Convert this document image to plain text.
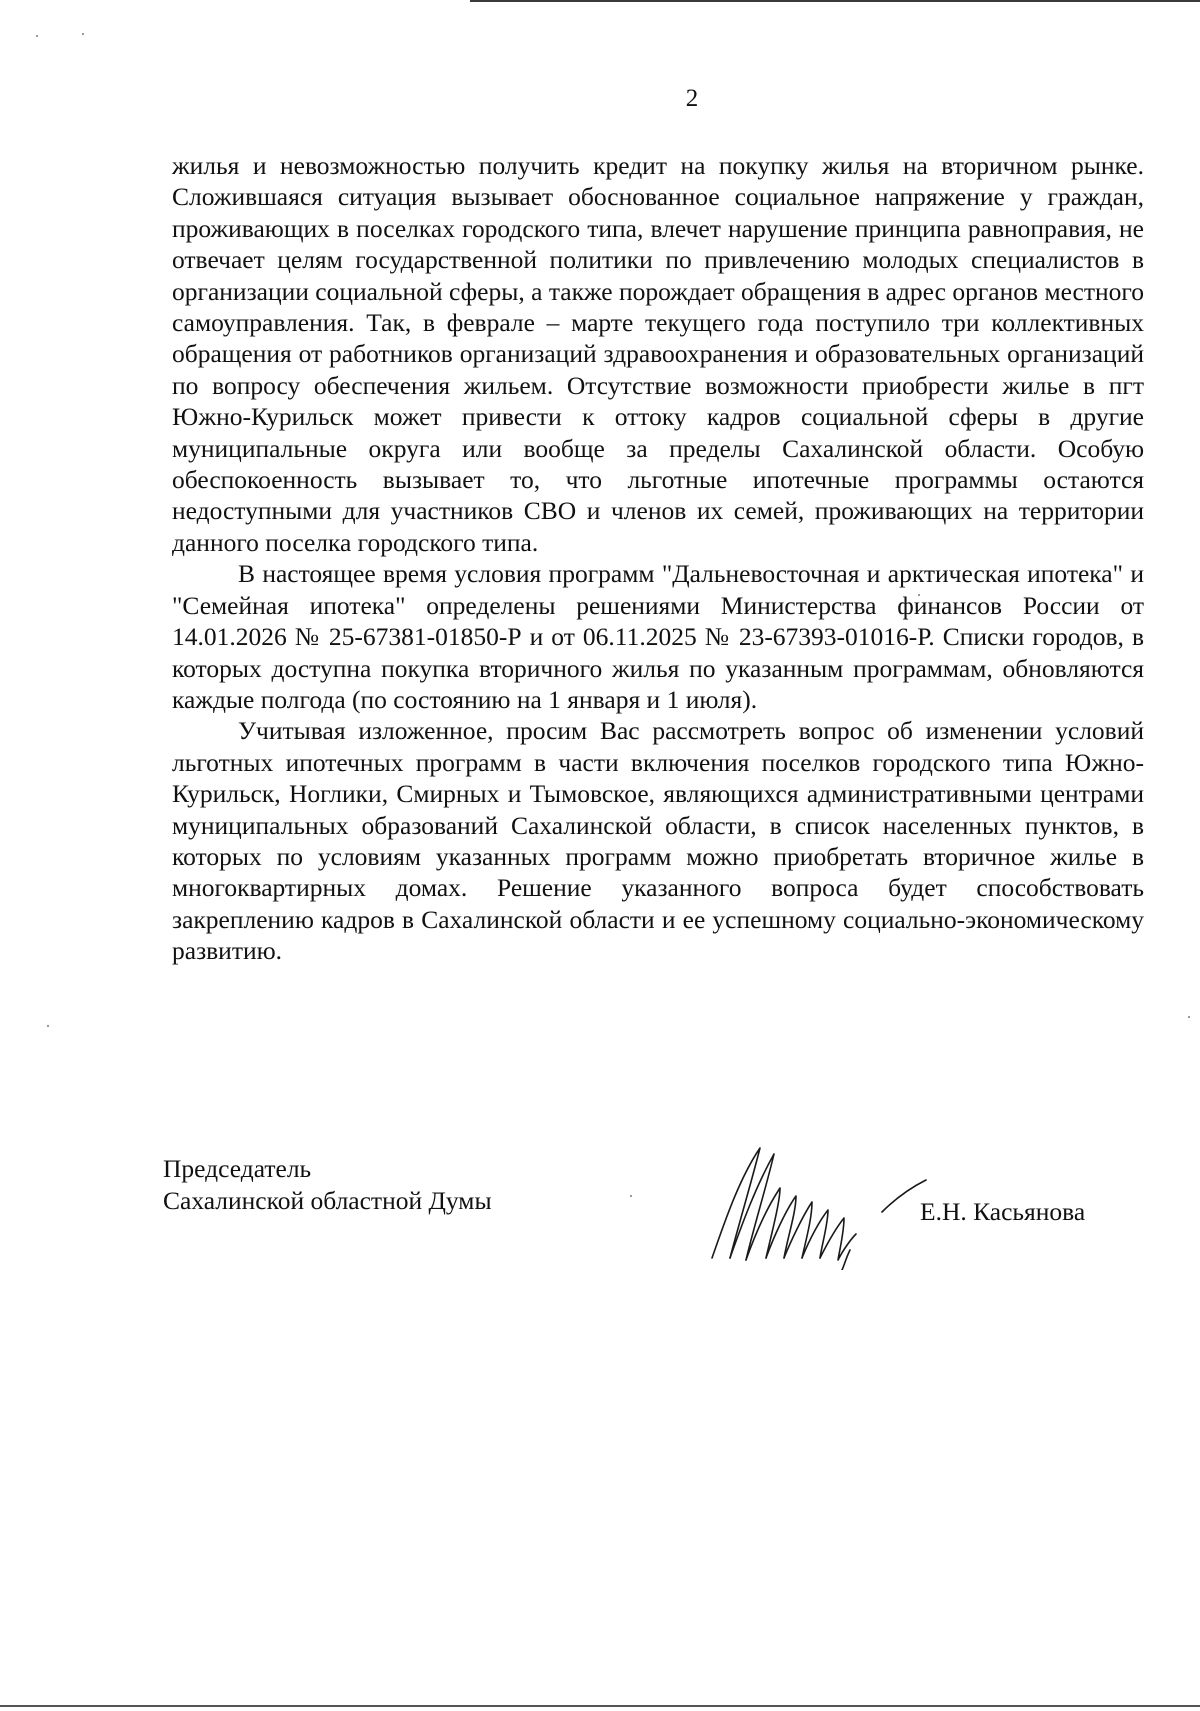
2

жилья и невозможностью получить кредит на покупку жилья на вторичном рынке. Сложившаяся ситуация вызывает обоснованное социальное напряжение у граждан, проживающих в поселках городского типа, влечет нарушение принципа равноправия, не отвечает целям государственной политики по привлечению молодых специалистов в организации социальной сферы, а также порождает обращения в адрес органов местного самоуправления. Так, в феврале – марте текущего года поступило три коллективных обращения от работников организаций здравоохранения и образовательных организаций по вопросу обеспечения жильем. Отсутствие возможности приобрести жилье в пгт Южно-Курильск может привести к оттоку кадров социальной сферы в другие муниципальные округа или вообще за пределы Сахалинской области. Особую обеспокоенность вызывает то, что льготные ипотечные программы остаются недоступными для участников СВО и членов их семей, проживающих на территории данного поселка городского типа.

В настоящее время условия программ "Дальневосточная и арктическая ипотека" и "Семейная ипотека" определены решениями Министерства финансов России от 14.01.2026 № 25-67381-01850-Р и от 06.11.2025 № 23-67393-01016-Р. Списки городов, в которых доступна покупка вторичного жилья по указанным программам, обновляются каждые полгода (по состоянию на 1 января и 1 июля).

Учитывая изложенное, просим Вас рассмотреть вопрос об изменении условий льготных ипотечных программ в части включения поселков городского типа Южно-Курильск, Ноглики, Смирных и Тымовское, являющихся административными центрами муниципальных образований Сахалинской области, в список населенных пунктов, в которых по условиям указанных программ можно приобретать вторичное жилье в многоквартирных домах. Решение указанного вопроса будет способствовать закреплению кадров в Сахалинской области и ее успешному социально-экономическому развитию.

Председатель
Сахалинской областной Думы	Е.Н. Касьянова
